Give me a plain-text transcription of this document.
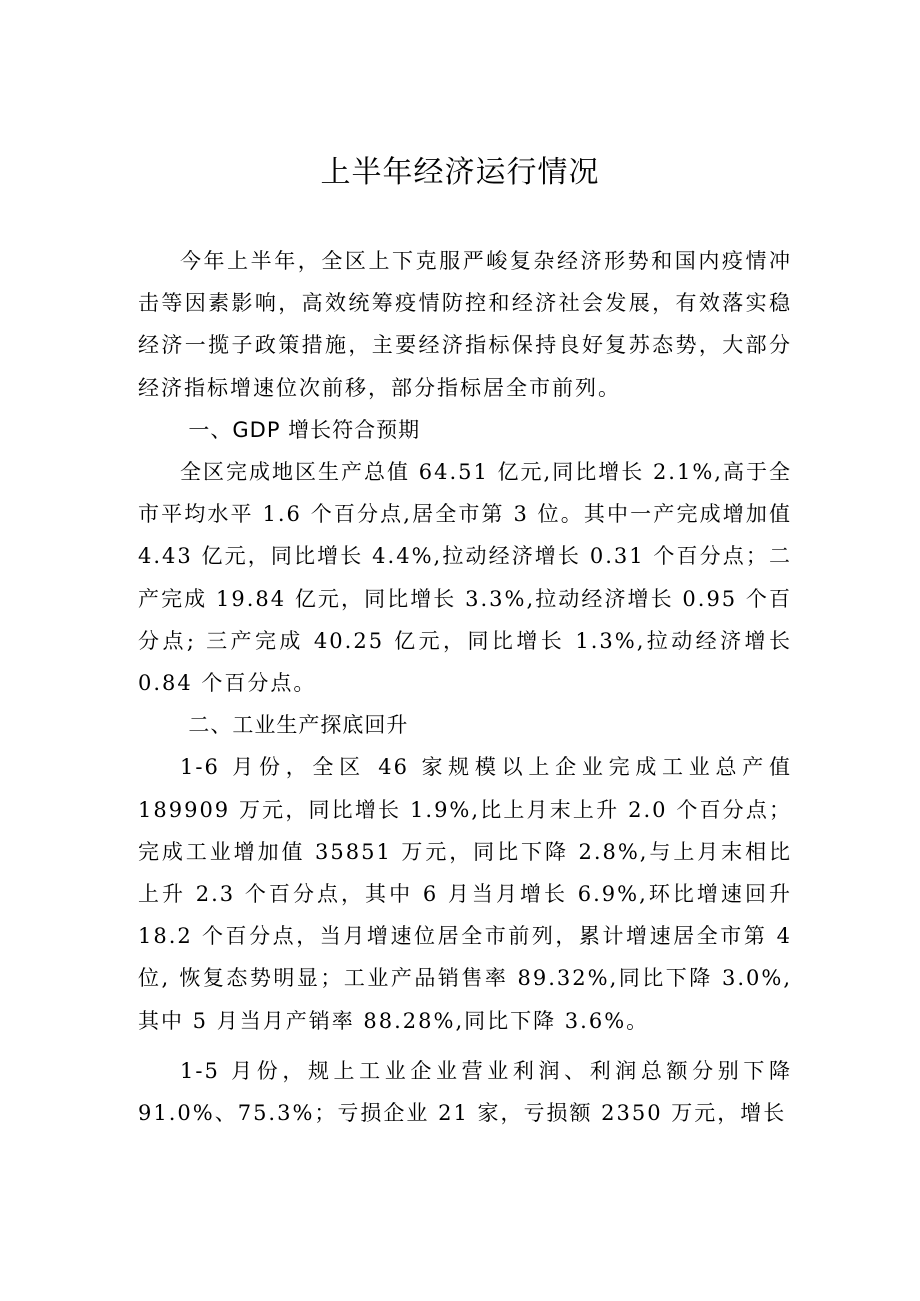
上半年经济运行情况

今年上半年，全区上下克服严峻复杂经济形势和国内疫情冲击等因素影响，高效统筹疫情防控和经济社会发展，有效落实稳经济一揽子政策措施，主要经济指标保持良好复苏态势，大部分经济指标增速位次前移，部分指标居全市前列。

一、GDP 增长符合预期

全区完成地区生产总值 64.51 亿元,同比增长 2.1%,高于全市平均水平 1.6 个百分点,居全市第 3 位。其中一产完成增加值 4.43 亿元，同比增长 4.4%,拉动经济增长 0.31 个百分点；二产完成 19.84 亿元，同比增长 3.3%,拉动经济增长 0.95 个百分点; 三产完成 40.25 亿元，同比增长 1.3%,拉动经济增长 0.84 个百分点。

二、工业生产探底回升

1-6 月份，全区 46 家规模以上企业完成工业总产值 189909 万元，同比增长 1.9%,比上月末上升 2.0 个百分点；完成工业增加值 35851 万元，同比下降 2.8%,与上月末相比上升 2.3 个百分点，其中 6 月当月增长 6.9%,环比增速回升 18.2 个百分点，当月增速位居全市前列，累计增速居全市第 4 位, 恢复态势明显；工业产品销售率 89.32%,同比下降 3.0%,其中 5 月当月产销率 88.28%,同比下降 3.6%。

1-5 月份，规上工业企业营业利润、利润总额分别下降 91.0%、75.3%；亏损企业 21 家，亏损额 2350 万元，增长
